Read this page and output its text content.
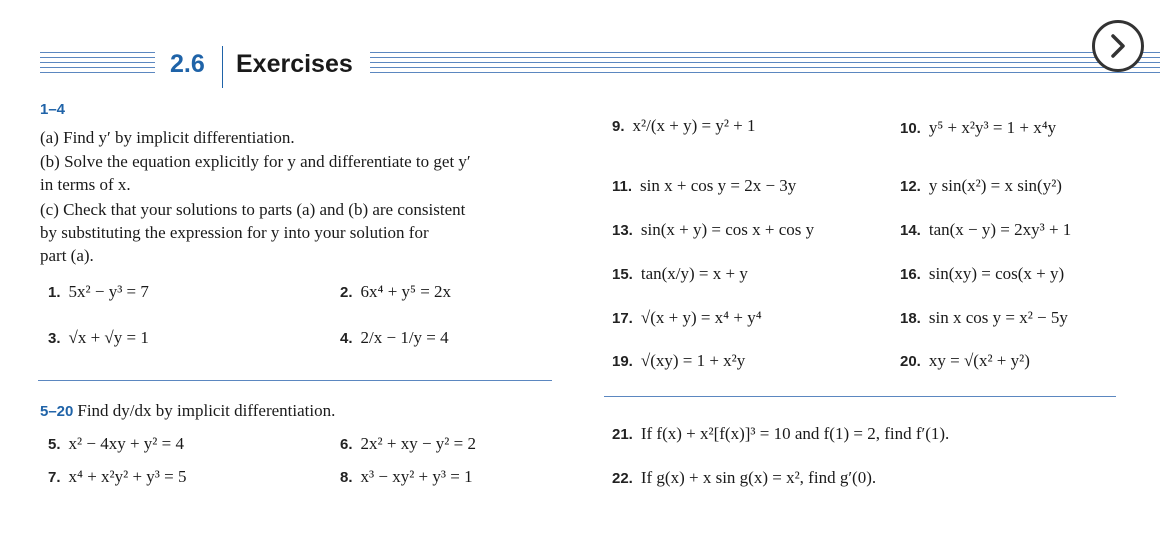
2.6 Exercises
1–4
(a) Find y′ by implicit differentiation.
(b) Solve the equation explicitly for y and differentiate to get y′
in terms of x.
(c) Check that your solutions to parts (a) and (b) are consistent
by substituting the expression for y into your solution for
part (a).
1. 5x² − y³ = 7	2. 6x⁴ + y⁵ = 2x
3. √x + √y = 1	4. 2/x − 1/y = 4
5–20 Find dy/dx by implicit differentiation.
5. x² − 4xy + y² = 4	6. 2x² + xy − y² = 2
7. x⁴ + x²y² + y³ = 5	8. x³ − xy² + y³ = 1
9. x²/(x + y) = y² + 1	10. y⁵ + x²y³ = 1 + x⁴y
11. sin x + cos y = 2x − 3y	12. y sin(x²) = x sin(y²)
13. sin(x + y) = cos x + cos y	14. tan(x − y) = 2xy³ + 1
15. tan(x/y) = x + y	16. sin(xy) = cos(x + y)
17. √(x + y) = x⁴ + y⁴	18. sin x cos y = x² − 5y
19. √(xy) = 1 + x²y	20. xy = √(x² + y²)
21. If f(x) + x²[f(x)]³ = 10 and f(1) = 2, find f′(1).
22. If g(x) + x sin g(x) = x², find g′(0).
